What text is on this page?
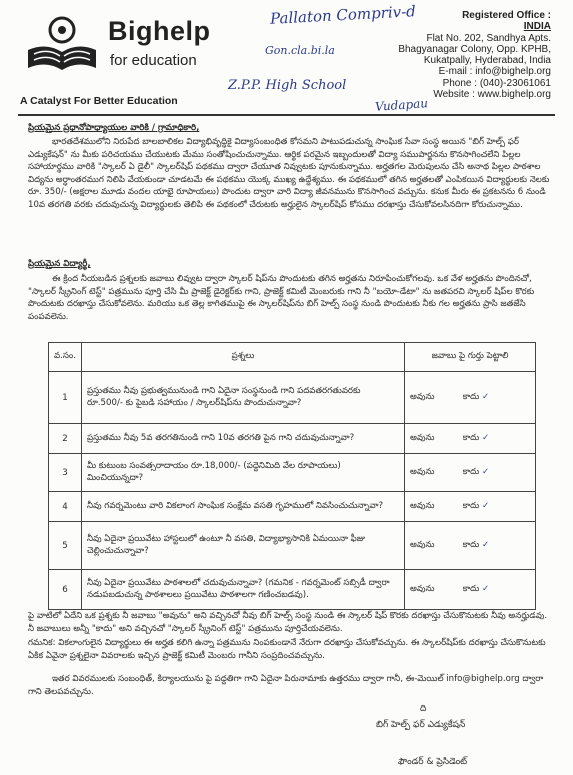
Bighelp
for education
A Catalyst For Better Education
Registered Office :
INDIA
Flat No. 202, Sandhya Apts.
Bhagyanagar Colony, Opp. KPHB,
Kukatpally, Hyderabad, India
E-mail : info@bighelp.org
Phone : (040)-23061061
Website : www.bighelp.org
Pallaton Compriv-d
Gon.cla.bi.la
Z.P.P. High School
Vudapau
ప్రియమైన ప్రధానోపాధ్యాయుల వారికి / గ్రామాధికారి,
భారతదేశములోని నిరుపేద బాలబాలికల విద్యాభివృద్ధికై విద్యాసంబంధిత కోసమని పాటుపడుచున్న సాంఘిక సేవా సంస్థ అయిన "బిగ్ హెల్ప్ ఫర్ ఎడ్యుకేషన్" ను మీకు పరిచయము చేయుటకు మేము సంతోషించుచున్నాము. ఆర్థిక పరమైన ఇబ్బందులతో విద్యా సముపార్జనను కొనసాగించలేని పిల్లల సహాయార్థము వారికి "స్కాలర్ ఏ డైలీ" స్కాలర్‌షిప్ పథకము ద్వారా చేయూత నివ్వుటకు పూనుకున్నాము. అర్హతగల మెరుపులను చేసి అనాథ పిల్లల పాఠశాల విద్యను అర్ధాంతరముగ నిలిపి వేయకుండా చూడటమే ఈ పథకము యొక్క ముఖ్య ఉద్దేశ్యము. ఈ పథకములో తగిన అర్హతలతో ఎంపికయిన విద్యార్థులకు నెలకు రూ. 350/- (అక్షరాల మూడు వందల యాభై రూపాయలు) పొందుట ద్వారా వారి విద్యా జీవనమును కొనసాగించ వచ్చును. కనుక మీరు ఈ ప్రకటనను 6 నుండి 10వ తరగతి వరకు చదువుచున్న విద్యార్థులకు తెలిపి ఈ పథకంలో చేరుటకు అర్హులైన స్కాలర్‌షిప్ కోసము దరఖాస్తు చేసుకోవలసినదిగా కోరుచున్నాము.
ప్రియమైన విద్యార్థీ,
ఈ క్రింద నీయబడిన ప్రశ్నలకు జవాబు లివ్వుట ద్వారా స్కాలర్ షిప్‌ను పొందుటకు తగిన అర్హతను నిరూపించుకోగలవు. ఒక వేళ అర్హతను పొందినచో, "స్కాలర్ స్క్రీనింగ్ టెస్ట్" పత్రమును పూర్తి చేసి మీ ప్రాజెక్ట్ డైరెక్టర్‌కు గాని, ప్రాజెక్ట్ కమిటీ మెంబరుకు గాని నీ "బయో-డేటా" ను జతపరచి స్కాలర్ షిప్‌ల కొరకు పొందుటకు దరఖాస్తు చేసుకోవలెను. మరియు ఒక తెల్ల కాగితముపై ఈ స్కాలర్‌షిప్‌ను బిగ్ హెల్ప్ సంస్థ నుండి పొందుటకు నీకు గల అర్హతను ప్రాసి జతజేసి పంపవలెను.
వ.సం.	ప్రశ్నలు	జవాబు పై గుర్తు పెట్టాలి
1	ప్రస్తుతము నీవు ప్రభుత్వమునుండి గాని ఏదైనా సంస్థనుండి గాని పదవతరగతువరకు రూ.500/- కు పైబడి సహాయం / స్కాలర్‌షిప్‌ను పొందుచున్నావా?	అవును కాదు ✓
2	ప్రస్తుతము నీవు 5వ తరగతినుండి గాని 10వ తరగతి పైన గాని చదువుచున్నావా?	అవును కాదు ✓
3	మీ కుటుంబ సంవత్సరాదాయం రూ.18,000/- (పద్దెనిమిది వేల రూపాయలు) మించియున్నదా?	అవును కాదు ✓
4	నీవు గవర్నమెంటు వారి వికలాంగ సాంఘిక సంక్షేమ వసతి గృహములో నివసించుచున్నావా?	అవును కాదు ✓
5	నీవు ఏదైనా ప్రయివేటు హాస్టలులో ఉంటూ నీ వసతి, విద్యాభ్యాసానికి ఏమయినా ఫీజు చెల్లించుచున్నావా?	అవును కాదు ✓
6	నీవు ఏదైనా ప్రయివేటు పాఠశాలలో చదువుచున్నావా? (గమనిక - గవర్నమెంట్ సబ్సిడీ ద్వారా నడుపబడుచున్న పాఠశాలలు ప్రయివేటు పాఠశాలగా గణించబడవు).	అవును కాదు ✓
పై వాటిలో ఏదేని ఒక ప్రశ్నకు నీ జవాబు "అవును" అని వచ్చినచో నీవు బిగ్ హెల్ప్ సంస్థ నుండి ఈ స్కాలర్ షిప్ కొరకు దరఖాస్తు చేసుకొనుటకు నీవు అనర్హుడవు. నీ జవాబులు అన్నీ "కాదు" అని వచ్చినచో "స్కాలర్ స్క్రీనింగ్ టెస్ట్" పత్రమును పూర్తిచేయవలెను.
గమనిక: వికలాంగులైన విద్యార్థులు ఈ అర్హత కలిగి ఉన్నా పత్రమును నింపకుండానే నేరుగా దరఖాస్తు చేసుకోవచ్చును. ఈ స్కాలర్‌షిప్‌కు దరఖాస్తు చేసుకొనుటకు ఏకిక ఏవైనా ప్రశ్నలైనా వివరాలకు ఇచ్చిన ప్రాజెక్ట్ కమిటీ మెంబరు గానీని సంప్రదించవచ్చును.
ఇతర వివరములకు సంబంధిత్, కిర్యాలయును పై పద్దతిగా గాని ఏదైనా పిరునామాకు ఉత్తరము ద్వారా గానీ, ఈ-మెయిల్ info@bighelp.org ద్వారా గాని తెలపవచ్చును.
ది
బిగ్ హెల్ప్ ఫర్ ఎడ్యుకేషన్
ఫౌండర్ & ప్రెసిడెంట్
